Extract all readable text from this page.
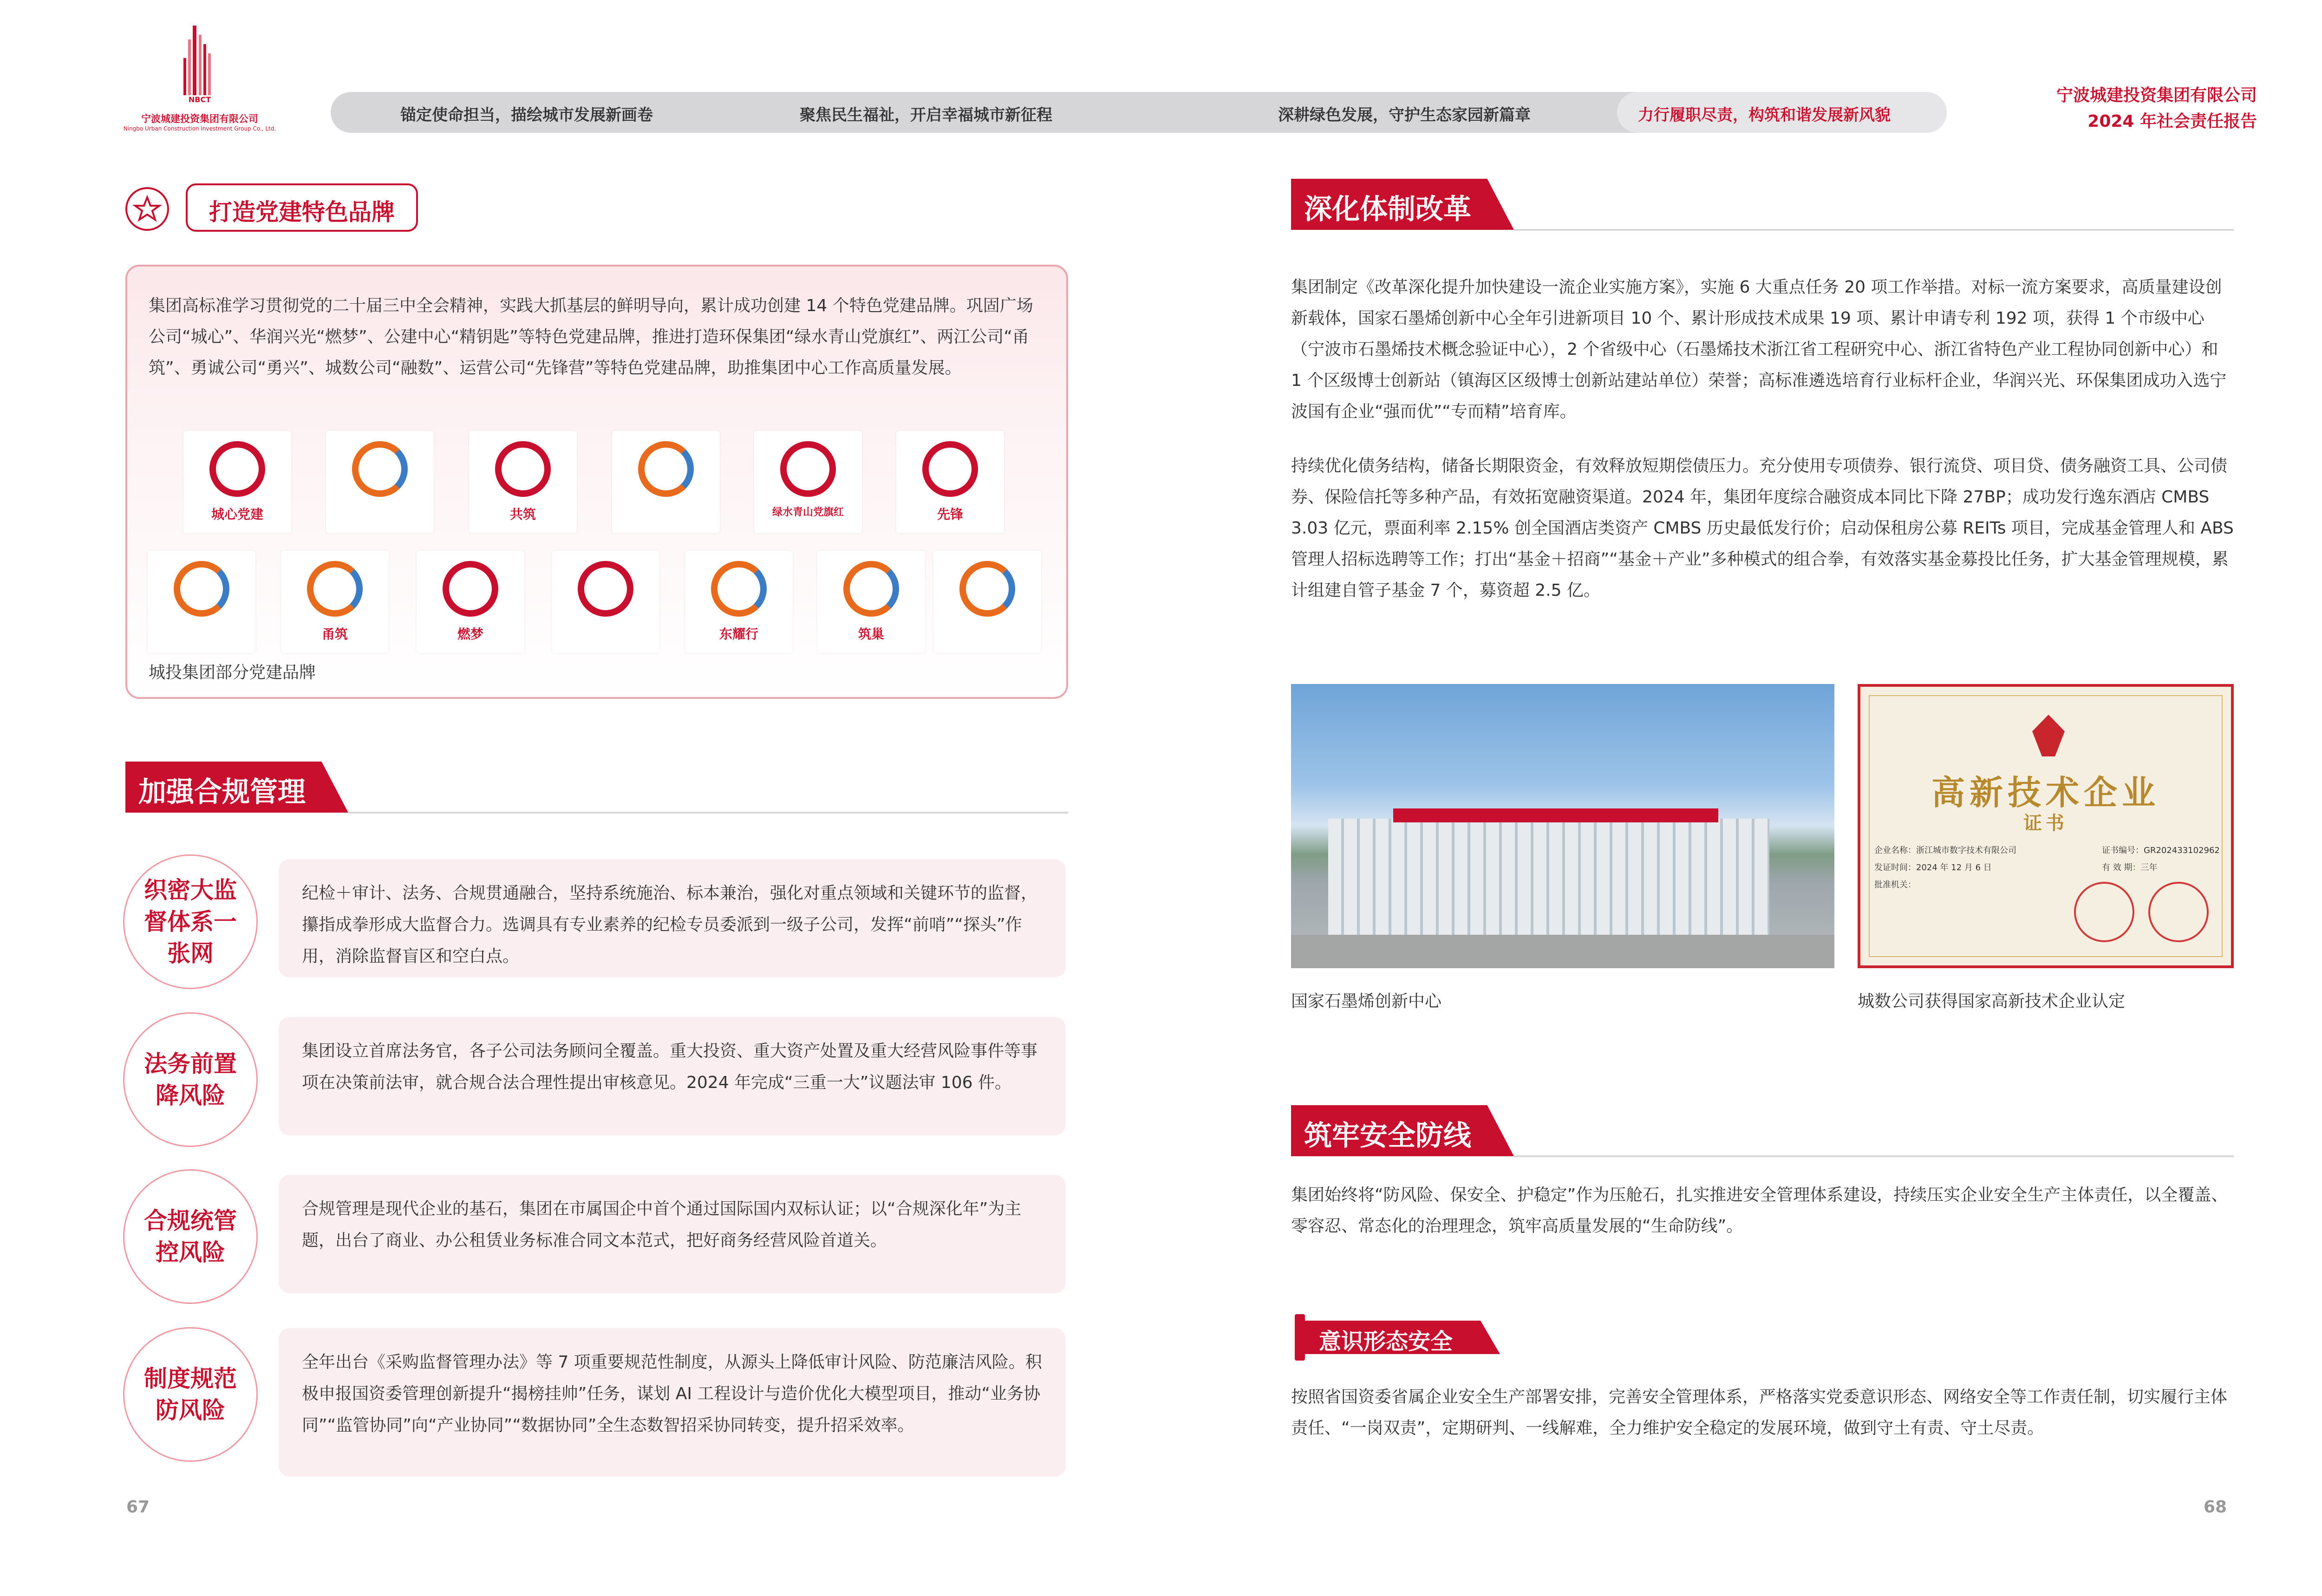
NBCT
宁波城建投资集团有限公司
Ningbo Urban Construction Investment Group Co., Ltd.
锚定使命担当，描绘城市发展新画卷	聚焦民生福祉，开启幸福城市新征程	深耕绿色发展，守护生态家园新篇章	力行履职尽责，构筑和谐发展新风貌
宁波城建投资集团有限公司
2024 年社会责任报告
打造党建特色品牌
集团高标准学习贯彻党的二十届三中全会精神，实践大抓基层的鲜明导向，累计成功创建 14 个特色党建品牌。巩固广场公司“城心”、华润兴光“燃梦”、公建中心“精钥匙”等特色党建品牌，推进打造环保集团“绿水青山党旗红”、两江公司“甬筑”、勇诚公司“勇兴”、城数公司“融数”、运营公司“先锋营”等特色党建品牌，助推集团中心工作高质量发展。
城心党建	共筑	绿水青山党旗红	先锋
甬筑	燃梦	东耀行	筑巢
城投集团部分党建品牌
加强合规管理
织密大监督体系一张网

纪检＋审计、法务、合规贯通融合，坚持系统施治、标本兼治，强化对重点领域和关键环节的监督，攥指成拳形成大监督合力。选调具有专业素养的纪检专员委派到一级子公司，发挥“前哨”“探头”作用，消除监督盲区和空白点。

法务前置降风险

集团设立首席法务官，各子公司法务顾问全覆盖。重大投资、重大资产处置及重大经营风险事件等事项在决策前法审，就合规合法合理性提出审核意见。2024 年完成“三重一大”议题法审 106 件。

合规统管控风险

合规管理是现代企业的基石，集团在市属国企中首个通过国际国内双标认证；以“合规深化年”为主题，出台了商业、办公租赁业务标准合同文本范式，把好商务经营风险首道关。

制度规范防风险

全年出台《采购监督管理办法》等 7 项重要规范性制度，从源头上降低审计风险、防范廉洁风险。积极申报国资委管理创新提升“揭榜挂帅”任务，谋划 AI 工程设计与造价优化大模型项目，推动“业务协同”“监管协同”向“产业协同”“数据协同”全生态数智招采协同转变，提升招采效率。

67
深化体制改革

集团制定《改革深化提升加快建设一流企业实施方案》，实施 6 大重点任务 20 项工作举措。对标一流方案要求，高质量建设创新载体，国家石墨烯创新中心全年引进新项目 10 个、累计形成技术成果 19 项、累计申请专利 192 项，获得 1 个市级中心（宁波市石墨烯技术概念验证中心），2 个省级中心（石墨烯技术浙江省工程研究中心、浙江省特色产业工程协同创新中心）和 1 个区级博士创新站（镇海区区级博士创新站建站单位）荣誉；高标准遴选培育行业标杆企业，华润兴光、环保集团成功入选宁波国有企业“强而优”“专而精”培育库。

持续优化债务结构，储备长期限资金，有效释放短期偿债压力。充分使用专项债券、银行流贷、项目贷、债务融资工具、公司债券、保险信托等多种产品，有效拓宽融资渠道。2024 年，集团年度综合融资成本同比下降 27BP；成功发行逸东酒店 CMBS 3.03 亿元，票面利率 2.15% 创全国酒店类资产 CMBS 历史最低发行价；启动保租房公募 REITs 项目，完成基金管理人和 ABS 管理人招标选聘等工作；打出“基金＋招商”“基金＋产业”多种模式的组合拳，有效落实基金募投比任务，扩大基金管理规模，累计组建自管子基金 7 个，募资超 2.5 亿。

高新技术企业
证书
企业名称：浙江城市数字技术有限公司	证书编号：GR202433102962
发证时间：2024 年 12 月 6 日	有 效 期：三年
批准机关：
国家石墨烯创新中心	城数公司获得国家高新技术企业认定
筑牢安全防线

集团始终将“防风险、保安全、护稳定”作为压舱石，扎实推进安全管理体系建设，持续压实企业安全生产主体责任，以全覆盖、零容忍、常态化的治理理念，筑牢高质量发展的“生命防线”。

意识形态安全

按照省国资委省属企业安全生产部署安排，完善安全管理体系，严格落实党委意识形态、网络安全等工作责任制，切实履行主体责任、“一岗双责”，定期研判、一线解难，全力维护安全稳定的发展环境，做到守土有责、守土尽责。

68
